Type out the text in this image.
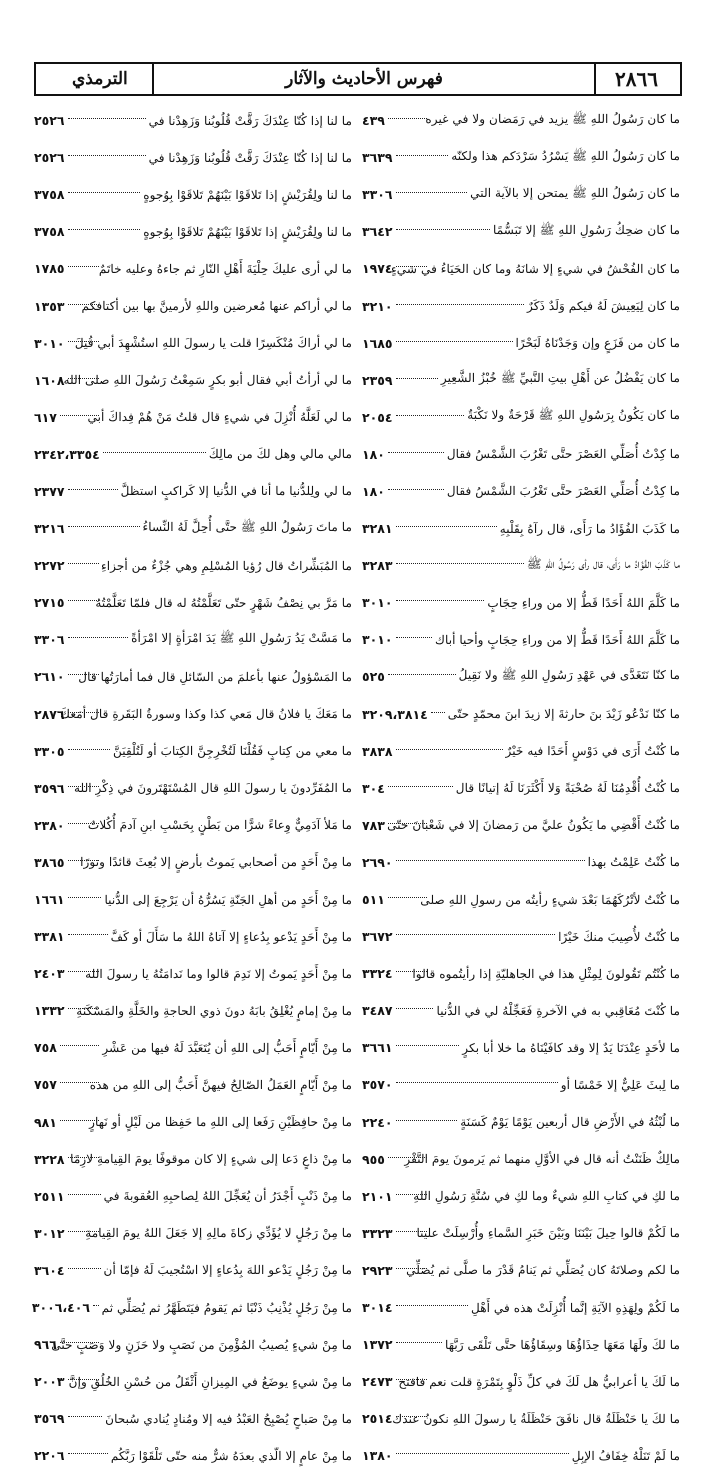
٢٨٦٦
فهرس الأحاديث والآثار
الترمذي
ما كان رَسُولُ اللهِ ﷺ يزيد في رَمَضان ولا في غيره
٤٣٩
ما كان رَسُولُ اللهِ ﷺ يَسْرُدُ سَرْدَكم هذا ولكنّه
٣٦٣٩
ما كان رَسُولُ اللهِ ﷺ يمتحن إلا بالآية التي
٣٣٠٦
ما كان ضحِكُ رَسُولِ اللهِ ﷺ إلا تَبَسُّمًا
٣٦٤٢
ما كان الفُحْشُ في شيءٍ إلا شانَهُ وما كان الحَيَاءُ في شيءٍ
١٩٧٤
ما كان لِيَعِيشَ لَهُ فيكم وَلَدٌ ذَكَرٌ
٣٢١٠
ما كان من فَزَعٍ وإن وَجَدْنَاهُ لَبَحْرًا
١٦٨٥
ما كان يَفْضُلُ عن أَهْلِ بيتِ النَّبيِّ ﷺ خُبْزُ الشَّعِيرِ
٢٣٥٩
ما كان يَكُونُ بِرَسُولِ اللهِ ﷺ قَرْحَةٌ ولا نَكْبَةٌ
٢٠٥٤
ما كِدْتُ أُصَلِّي العَصْرَ حتَّى تَغْرُبَ الشَّمْسُ فقال
١٨٠
ما كِدْتُ أُصَلِّي العَصْرَ حتَّى تَغْرُبَ الشَّمْسُ فقال
١٨٠
ما كَذَبَ الفُؤَادُ ما رَأَى، قال رآهُ بِقَلْبِهِ
٣٢٨١
ما كَذَبَ الفُؤَادُ ما رَأَى، قال رأى رَسُولُ اللهِ ﷺ
٣٢٨٣
ما كَلَّمَ اللهُ أَحَدًا قَطُّ إلا من وراءِ حِجَابٍ
٣٠١٠
ما كَلَّمَ اللهُ أَحَدًا قَطُّ إلا من وراءِ حِجَابٍ وأحيا أباك
٣٠١٠
ما كنّا نَتَغَدَّى في عَهْدِ رَسُولِ اللهِ ﷺ ولا نَقِيلُ
٥٢٥
ما كنّا نَدْعُو زَيْدَ بنَ حارثةَ إلا زيدَ ابنَ محمّدٍ حتّى
٣٢٠٩،٣٨١٤
ما كُنْتُ أَرَى في دَوْسٍ أَحَدًا فيه خَيْرٌ
٣٨٣٨
ما كُنْتُ أُقْدِمُنَا لَهُ صُحْبَةً وَلا أَكْثَرَنَا لَهُ إتيانًا قال
٣٠٤
ما كُنْتُ أَقْضِي ما يَكُونُ عليَّ من رَمضانَ إلا في شَعْبانَ حتّى
٧٨٣
ما كُنْتُ عَلِمْتُ بهذا
٢٦٩٠
ما كُنْتُ لأتْرُكَهُمَا بَعْدَ شيءٍ رأيتُه من رسولِ اللهِ صلى
٥١١
ما كُنْتُ لأُصِيبَ منكَ خَيْرًا
٣٦٧٢
ما كُنْتُم تَقُولونَ لِمِثْلِ هذا في الجاهليّةِ إذا رأيتُموه قالوا
٣٣٢٤
ما كُنْتَ مُعَاقِبي به في الآخرةِ فَعَجِّلْهُ لي في الدُّنيا
٣٤٨٧
ما لأحَدٍ عِنْدَنَا يَدٌ إلا وقد كافَيْنَاهُ ما خلا أبا بكرٍ
٣٦٦١
ما لِبثَ عَلِيٌّ إلا خَمْسًا أو
٣٥٧٠
ما لُبْثُهُ في الأَرْضِ قال أربعين يَوْمًا يَوْمٌ كَسَنَةٍ
٢٢٤٠
مالِكٌ ظَنَنْتُ أنه قال في الأوَّلِ منهما ثم يَرمونَ يومَ النَّفْرِ
٩٥٥
ما لكِ في كتابِ اللهِ شيءٌ وما لكِ في سُنَّةِ رَسُولِ اللهِ
٢١٠١
ما لَكُمْ قالوا حِيلَ بَيْنَنَا وبَيْنَ خَبَرِ السَّماءِ وأُرْسِلَتْ علينا
٣٣٢٣
ما لكم وصلاتَهُ كان يُصَلِّي ثم يَنامُ قَدْرَ ما صلَّى ثم يُصَلِّي
٢٩٢٣
ما لَكُمْ ولِهَذِهِ الآيَةِ إنَّما أُنْزِلَتْ هذه في أَهْلِ
٣٠١٤
ما لكَ ولَهَا مَعَهَا حِذَاؤُهَا وسِقَاؤُهَا حتَّى تَلْقَى رَبَّهَا
١٣٧٢
ما لَكَ يا أعرابيُّ هل لَكَ في كلِّ ذَلْوٍ بِتَمْرَةٍ قلت نعم فافتح
٢٤٧٣
ما لكَ يا حَنْظَلَةُ قال نافَقَ حَنْظَلَةُ يا رسولَ اللهِ نكونُ عندك
٢٥١٤
ما لَمْ تَنَلْهُ خِفَافُ الإبِلِ
١٣٨٠
ما لنا إذا كُنّا عِنْدَكَ رَقَّتْ قُلُوبُنا وَزَهِدْنا في
٢٥٢٦
ما لنا إذا كُنّا عِنْدَكَ رَقَّتْ قُلُوبُنا وَزَهِدْنا في
٢٥٢٦
ما لنا ولِقُرَيْشٍ إذا تَلاقَوْا بَيْنَهُمْ تَلاقَوْا بِوُجوهٍ
٣٧٥٨
ما لنا ولِقُرَيْشٍ إذا تَلاقَوْا بَيْنَهُمْ تَلاقَوْا بِوُجوهٍ
٣٧٥٨
ما لي أرى عليكَ حِلْيَةَ أَهْلِ النّارِ ثم جاءهُ وعليه خاتَمٌ
١٧٨٥
ما لي أراكم عنها مُعرضين واللهِ لأرمينَّ بها بين أكتافكم
١٣٥٣
ما لي أراكَ مُنْكَسِرًا قلت يا رسولَ اللهِ استُشْهِدَ أبي قُتِلَ
٣٠١٠
ما لي أرأتُ أبي فقال أبو بكرٍ سَمِعْتُ رَسُولَ اللهِ صلى الله
١٦٠٨
ما لي لَعَلَّهُ أُنْزِلَ في شيءٍ قال قلتُ مَنْ هُمْ فِداكَ أبي
٦١٧
مالي مالي وهل لكَ من مالِكَ
٢٣٤٢،٣٣٥٤
ما لي ولِلدُّنيا ما أنا في الدُّنيا إلا كَراكبٍ استظلَّ
٢٣٧٧
ما ماتَ رَسُولُ اللهِ ﷺ حتَّى أُحِلَّ لَهُ النِّساءُ
٣٢١٦
ما المُبَشِّراتُ قال رُؤيا المُسْلِمِ وهي جُزْءٌ من أجزاءِ
٢٢٧٢
ما مَرَّ بي نِصْفُ شَهْرٍ حتّى تَعَلَّمْتُهُ له قال فلمّا تَعَلَّمْتُهُ
٢٧١٥
ما مَسَّتْ يَدُ رَسُولِ اللهِ ﷺ يَدَ امْرَأةٍ إلا امْرَأةً
٣٣٠٦
ما المَسْؤولُ عنها بأعلمَ من السّائلِ قال فما أمارَتُها قال
٢٦١٠
ما مَعَكَ يا فلانُ قال مَعي كذا وكذا وسورةُ البَقَرةِ قال أمَعكَ
٢٨٧٦
ما معي من كِتابٍ فَقُلْنَا لَتُخْرِجِنَّ الكِتابَ أو لَتُلْقِيَنَّ
٣٣٠٥
ما المُفَرِّدونَ يا رسولَ اللهِ قال المُسْتَهْتَرونَ في ذِكْرِ الله
٣٥٩٦
ما مَلأ آدَمِيٌّ وِعاءً شرًّا من بَطْنٍ بِحَسْبِ ابنِ آدمَ أُكُلاتٌ
٢٣٨٠
ما مِنْ أَحَدٍ من أصحابي يَموتُ بأرضٍ إلا بُعِثَ قائدًا ونورًا
٣٨٦٥
ما مِنْ أَحَدٍ من أهلِ الجَنّةِ يَسُرُّهُ أن يَرْجِعَ إلى الدُّنيا
١٦٦١
ما مِنْ أَحَدٍ يَدْعو بِدُعاءٍ إلا آتاهُ اللهُ ما سَأَلَ أو كَفَّ
٣٣٨١
ما مِنْ أَحَدٍ يَموتُ إلا نَدِمَ قالوا وما نَدامَتُهُ يا رسولَ الله
٢٤٠٣
ما مِنْ إمامٍ يُغْلِقُ بابَهُ دونَ ذوي الحاجةِ والخَلَّةِ والمَسْكَنَةِ
١٣٣٢
ما مِنْ أَيّامٍ أَحَبُّ إلى اللهِ أن يُتَعَبَّدَ لَهُ فيها من عَشْرِ
٧٥٨
ما مِنْ أَيّامٍ العَمَلُ الصّالِحُ فيهنَّ أَحَبُّ إلى اللهِ من هذه
٧٥٧
ما مِنْ حافِظَيْنِ رَفَعا إلى اللهِ ما حَفِظا من لَيْلٍ أو نَهارٍ
٩٨١
ما مِنْ ذاعٍ دَعا إلى شيءٍ إلا كان موقوفًا يومَ القِيامةِ لازِمًا
٣٢٢٨
ما مِنْ ذَنْبٍ أَجْدَرُ أن يُعَجِّلَ اللهُ لِصاحبِهِ العُقوبةَ في
٢٥١١
ما مِنْ رَجُلٍ لا يُؤَدِّي زكاةَ مالِهِ إلا جَعَلَ اللهُ يومَ القِيامةِ
٣٠١٢
ما مِنْ رَجُلٍ يَدْعو اللهَ بِدُعاءٍ إلا اسْتُجيبَ لَهُ فإمّا أن
٣٦٠٤
ما مِنْ رَجُلٍ يُذْنِبُ ذَنْبًا ثم يَقومُ فيَتَطَهَّرُ ثم يُصَلِّي ثم
٣٠٠٦،٤٠٦
ما مِنْ شيءٍ يُصيبُ المُؤْمِنَ من نَصَبٍ ولا حَزَنٍ ولا وَصَبٍ حتَّى
٩٦٦
ما مِنْ شيءٍ يوضَعُ في المِيزانِ أَثْقَلُ من حُسْنِ الخُلُقِ وإنَّ
٢٠٠٣
ما مِنْ صَباحٍ يُصْبِحُ العَبْدُ فيه إلا ومُنادٍ يُنادي سُبحانَ
٣٥٦٩
ما مِنْ عامٍ إلا الّذي بعدَهُ شرٌّ منه حتّى تَلْقَوْا رَبَّكُم
٢٢٠٦
